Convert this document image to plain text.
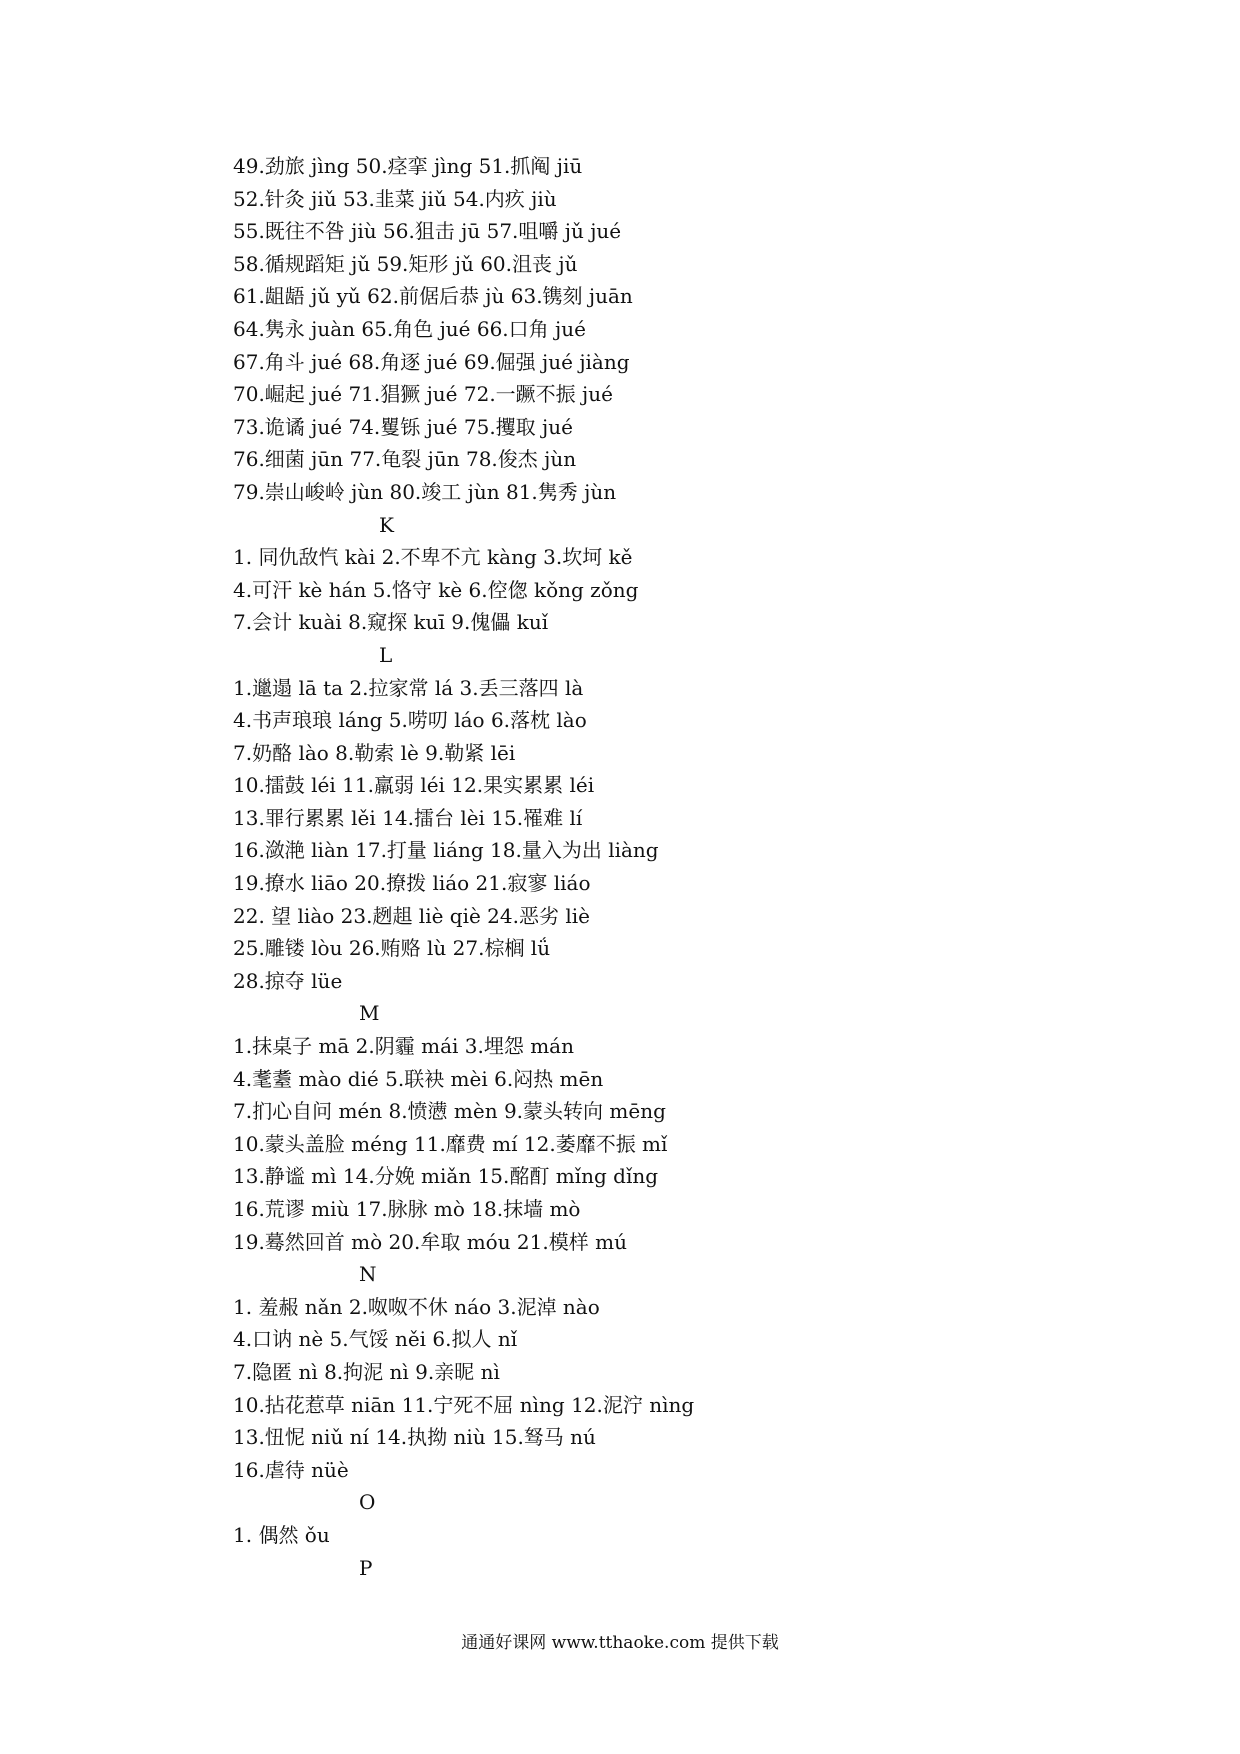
49.劲旅 jìng 50.痉挛 jìng 51.抓阄 jiū
52.针灸 jiǔ 53.韭菜 jiǔ 54.内疚 jiù
55.既往不咎 jiù 56.狙击 jū 57.咀嚼 jǔ jué
58.循规蹈矩 jǔ 59.矩形 jǔ 60.沮丧 jǔ
61.龃龉 jǔ yǔ 62.前倨后恭 jù 63.镌刻 juān
64.隽永 juàn 65.角色 jué 66.口角 jué
67.角斗 jué 68.角逐 jué 69.倔强 jué jiàng
70.崛起 jué 71.猖獗 jué 72.一蹶不振 jué
73.诡谲 jué 74.矍铄 jué 75.攫取 jué
76.细菌 jūn 77.龟裂 jūn 78.俊杰 jùn
79.崇山峻岭 jùn 80.竣工 jùn 81.隽秀 jùn
K
1. 同仇敌忾 kài 2.不卑不亢 kàng 3.坎坷 kě
4.可汗 kè hán 5.恪守 kè 6.倥偬 kǒng zǒng
7.会计 kuài 8.窥探 kuī 9.傀儡 kuǐ
L
1.邋遢 lā ta 2.拉家常 lá 3.丢三落四 là
4.书声琅琅 láng 5.唠叨 láo 6.落枕 lào
7.奶酪 lào 8.勒索 lè 9.勒紧 lēi
10.擂鼓 léi 11.羸弱 léi 12.果实累累 léi
13.罪行累累 lěi 14.擂台 lèi 15.罹难 lí
16.潋滟 liàn 17.打量 liáng 18.量入为出 liàng
19.撩水 liāo 20.撩拨 liáo 21.寂寥 liáo
22. 望 liào 23.趔趄 liè qiè 24.恶劣 liè
25.雕镂 lòu 26.贿赂 lù 27.棕榈 lǘ
28.掠夺 lüe
M
1.抹桌子 mā 2.阴霾 mái 3.埋怨 mán
4.耄耋 mào dié 5.联袂 mèi 6.闷热 mēn
7.扪心自问 mén 8.愤懑 mèn 9.蒙头转向 mēng
10.蒙头盖脸 méng 11.靡费 mí 12.萎靡不振 mǐ
13.静谧 mì 14.分娩 miǎn 15.酩酊 mǐng dǐng
16.荒谬 miù 17.脉脉 mò 18.抹墙 mò
19.蓦然回首 mò 20.牟取 móu 21.模样 mú
N
1. 羞赧 nǎn 2.呶呶不休 náo 3.泥淖 nào
4.口讷 nè 5.气馁 něi 6.拟人 nǐ
7.隐匿 nì 8.拘泥 nì 9.亲昵 nì
10.拈花惹草 niān 11.宁死不屈 nìng 12.泥泞 nìng
13.忸怩 niǔ ní 14.执拗 niù 15.驽马 nú
16.虐待 nüè
O
1. 偶然 ǒu
P
通通好课网 www.tthaoke.com 提供下载
